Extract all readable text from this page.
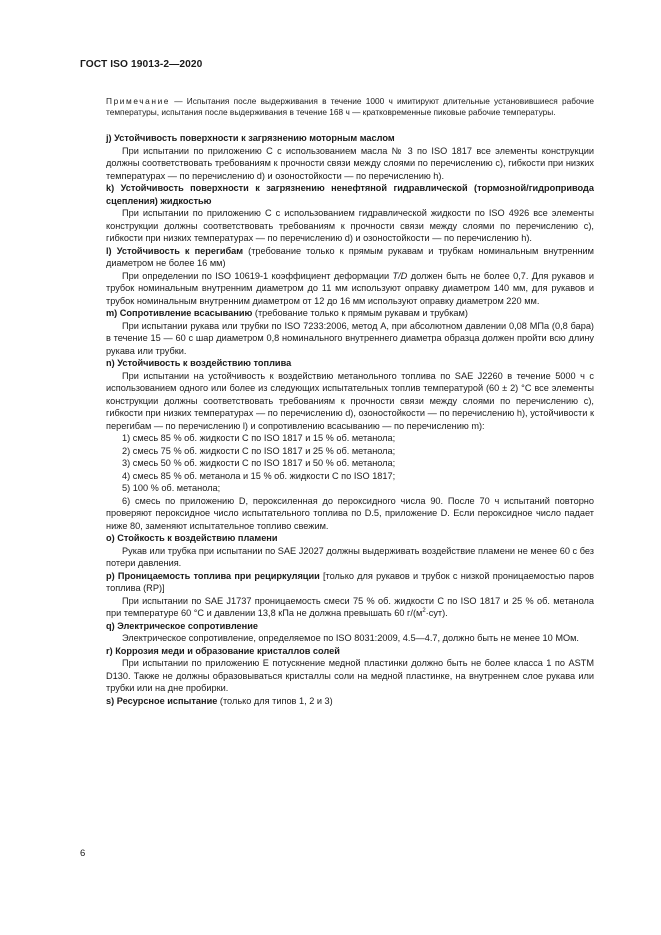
ГОСТ ISO 19013-2—2020

Примечание — Испытания после выдерживания в течение 1000 ч имитируют длительные установившиеся рабочие температуры, испытания после выдерживания в течение 168 ч — кратковременные пиковые рабочие температуры.

j) Устойчивость поверхности к загрязнению моторным маслом

При испытании по приложению С с использованием масла № 3 по ISO 1817 все элементы конструкции должны соответствовать требованиям к прочности связи между слоями по перечислению с), гибкости при низких температурах — по перечислению d) и озоностойкости — по перечислению h).

k) Устойчивость поверхности к загрязнению ненефтяной гидравлической (тормозной/гидропривода сцепления) жидкостью

При испытании по приложению С с использованием гидравлической жидкости по ISO 4926 все элементы конструкции должны соответствовать требованиям к прочности связи между слоями по перечислению с), гибкости при низких температурах — по перечислению d) и озоностойкости — по перечислению h).

l) Устойчивость к перегибам (требование только к прямым рукавам и трубкам номинальным внутренним диаметром не более 16 мм)

При определении по ISO 10619-1 коэффициент деформации T/D должен быть не более 0,7. Для рукавов и трубок номинальным внутренним диаметром до 11 мм используют оправку диаметром 140 мм, для рукавов и трубок номинальным внутренним диаметром от 12 до 16 мм используют оправку диаметром 220 мм.

m) Сопротивление всасыванию (требование только к прямым рукавам и трубкам)

При испытании рукава или трубки по ISO 7233:2006, метод А, при абсолютном давлении 0,08 МПа (0,8 бара) в течение 15 — 60 с шар диаметром 0,8 номинального внутреннего диаметра образца должен пройти всю длину рукава или трубки.

n) Устойчивость к воздействию топлива

При испытании на устойчивость к воздействию метанольного топлива по SAE J2260 в течение 5000 ч с использованием одного или более из следующих испытательных топлив температурой (60 ± 2) °С все элементы конструкции должны соответствовать требованиям к прочности связи между слоями по перечислению с), гибкости при низких температурах — по перечислению d), озоностойкости — по перечислению h), устойчивости к перегибам — по перечислению l) и сопротивлению всасыванию — по перечислению m):

1) смесь 85 % об. жидкости С по ISO 1817 и 15 % об. метанола;

2) смесь 75 % об. жидкости С по ISO 1817 и 25 % об. метанола;

3) смесь 50 % об. жидкости С по ISO 1817 и 50 % об. метанола;

4) смесь 85 % об. метанола и 15 % об. жидкости С по ISO 1817;

5) 100 % об. метанола;

6) смесь по приложению D, пероксиленная до пероксидного числа 90. После 70 ч испытаний повторно проверяют пероксидное число испытательного топлива по D.5, приложение D. Если пероксидное число падает ниже 80, заменяют испытательное топливо свежим.

o) Стойкость к воздействию пламени

Рукав или трубка при испытании по SAE J2027 должны выдерживать воздействие пламени не менее 60 с без потери давления.

p) Проницаемость топлива при рециркуляции [только для рукавов и трубок с низкой проницаемостью паров топлива (RP)]

При испытании по SAE J1737 проницаемость смеси 75 % об. жидкости С по ISO 1817 и 25 % об. метанола при температуре 60 °С и давлении 13,8 кПа не должна превышать 60 $г/(м^2\cdot сут)$.

q) Электрическое сопротивление

Электрическое сопротивление, определяемое по ISO 8031:2009, 4.5—4.7, должно быть не менее 10 МОм.

r) Коррозия меди и образование кристаллов солей

При испытании по приложению Е потускнение медной пластинки должно быть не более класса 1 по ASTM D130. Также не должны образовываться кристаллы соли на медной пластинке, на внутреннем слое рукава или трубки или на дне пробирки.

s) Ресурсное испытание (только для типов 1, 2 и 3)

6
